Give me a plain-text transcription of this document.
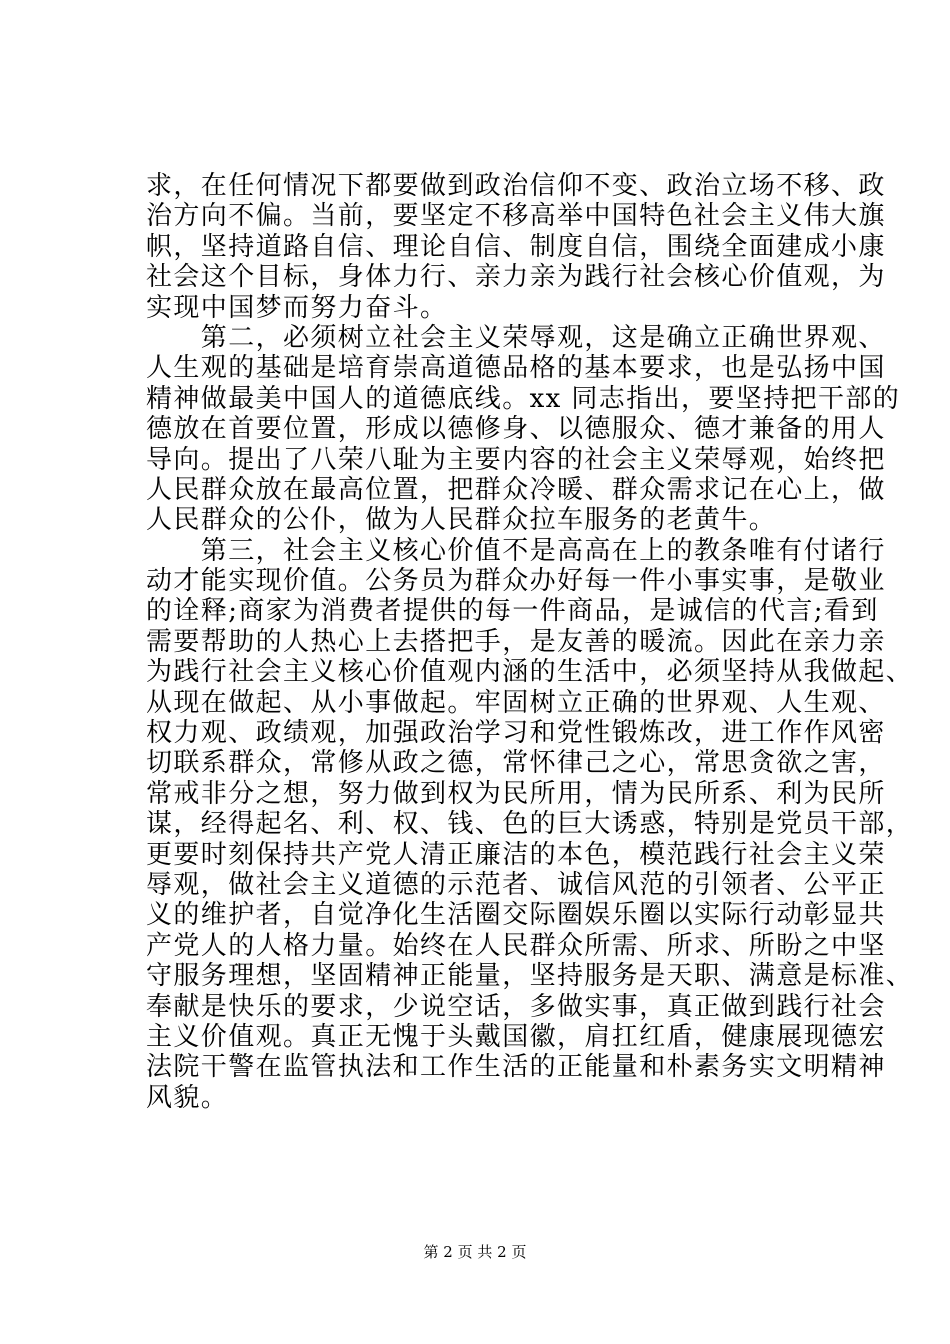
求，在任何情况下都要做到政治信仰不变、政治立场不移、政
治方向不偏。当前，要坚定不移高举中国特色社会主义伟大旗
帜，坚持道路自信、理论自信、制度自信，围绕全面建成小康
社会这个目标，身体力行、亲力亲为践行社会核心价值观，为
实现中国梦而努力奋斗。
　　第二，必须树立社会主义荣辱观，这是确立正确世界观、
人生观的基础是培育崇高道德品格的基本要求，也是弘扬中国
精神做最美中国人的道德底线。xx 同志指出，要坚持把干部的
德放在首要位置，形成以德修身、以德服众、德才兼备的用人
导向。提出了八荣八耻为主要内容的社会主义荣辱观，始终把
人民群众放在最高位置，把群众冷暖、群众需求记在心上，做
人民群众的公仆，做为人民群众拉车服务的老黄牛。
　　第三，社会主义核心价值不是高高在上的教条唯有付诸行
动才能实现价值。公务员为群众办好每一件小事实事，是敬业
的诠释;商家为消费者提供的每一件商品，是诚信的代言;看到
需要帮助的人热心上去搭把手，是友善的暖流。因此在亲力亲
为践行社会主义核心价值观内涵的生活中，必须坚持从我做起、
从现在做起、从小事做起。牢固树立正确的世界观、人生观、
权力观、政绩观，加强政治学习和党性锻炼改，进工作作风密
切联系群众，常修从政之德，常怀律己之心，常思贪欲之害，
常戒非分之想，努力做到权为民所用，情为民所系、利为民所
谋，经得起名、利、权、钱、色的巨大诱惑，特别是党员干部，
更要时刻保持共产党人清正廉洁的本色，模范践行社会主义荣
辱观，做社会主义道德的示范者、诚信风范的引领者、公平正
义的维护者，自觉净化生活圈交际圈娱乐圈以实际行动彰显共
产党人的人格力量。始终在人民群众所需、所求、所盼之中坚
守服务理想，坚固精神正能量，坚持服务是天职、满意是标准、
奉献是快乐的要求，少说空话，多做实事，真正做到践行社会
主义价值观。真正无愧于头戴国徽，肩扛红盾，健康展现德宏
法院干警在监管执法和工作生活的正能量和朴素务实文明精神
风貌。
第 2 页 共 2 页
